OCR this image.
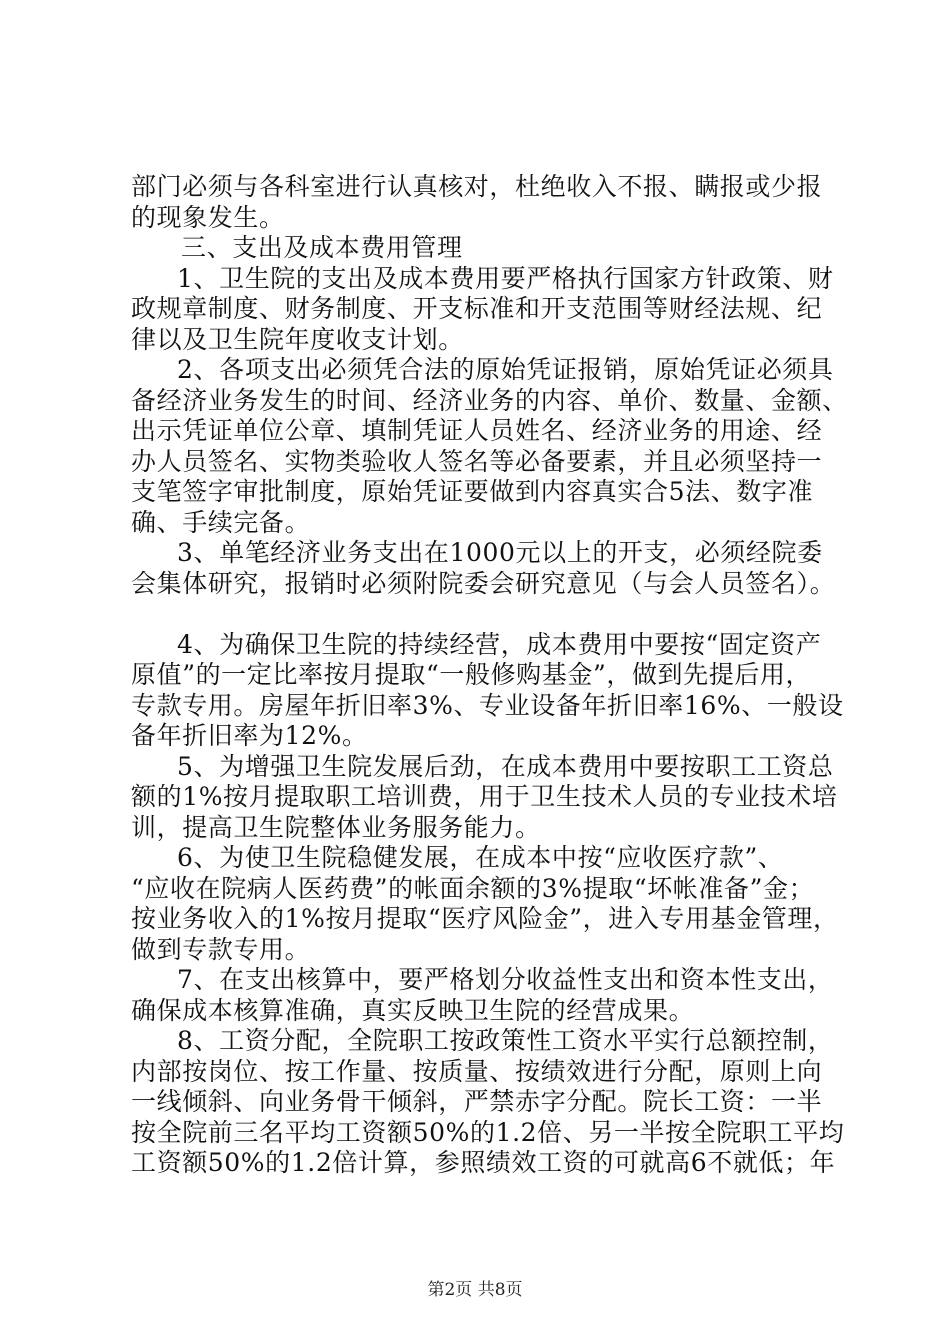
部门必须与各科室进行认真核对，杜绝收入不报、瞒报或少报
的现象发生。
三、支出及成本费用管理
1、卫生院的支出及成本费用要严格执行国家方针政策、财
政规章制度、财务制度、开支标准和开支范围等财经法规、纪
律以及卫生院年度收支计划。
2、各项支出必须凭合法的原始凭证报销，原始凭证必须具
备经济业务发生的时间、经济业务的内容、单价、数量、金额、
出示凭证单位公章、填制凭证人员姓名、经济业务的用途、经
办人员签名、实物类验收人签名等必备要素，并且必须坚持一
支笔签字审批制度，原始凭证要做到内容真实合5法、数字准
确、手续完备。
3、单笔经济业务支出在1000元以上的开支，必须经院委
会集体研究，报销时必须附院委会研究意见（与会人员签名）。
4、为确保卫生院的持续经营，成本费用中要按“固定资产
原值”的一定比率按月提取“一般修购基金”，做到先提后用，
专款专用。房屋年折旧率3%、专业设备年折旧率16%、一般设
备年折旧率为12%。
5、为增强卫生院发展后劲，在成本费用中要按职工工资总
额的1%按月提取职工培训费，用于卫生技术人员的专业技术培
训，提高卫生院整体业务服务能力。
6、为使卫生院稳健发展，在成本中按“应收医疗款”、
“应收在院病人医药费”的帐面余额的3%提取“坏帐准备”金；
按业务收入的1%按月提取“医疗风险金”，进入专用基金管理，
做到专款专用。
7、在支出核算中，要严格划分收益性支出和资本性支出，
确保成本核算准确，真实反映卫生院的经营成果。
8、工资分配，全院职工按政策性工资水平实行总额控制，
内部按岗位、按工作量、按质量、按绩效进行分配，原则上向
一线倾斜、向业务骨干倾斜，严禁赤字分配。院长工资：一半
按全院前三名平均工资额50%的1.2倍、另一半按全院职工平均
工资额50%的1.2倍计算，参照绩效工资的可就高6不就低；年
第2页 共8页
